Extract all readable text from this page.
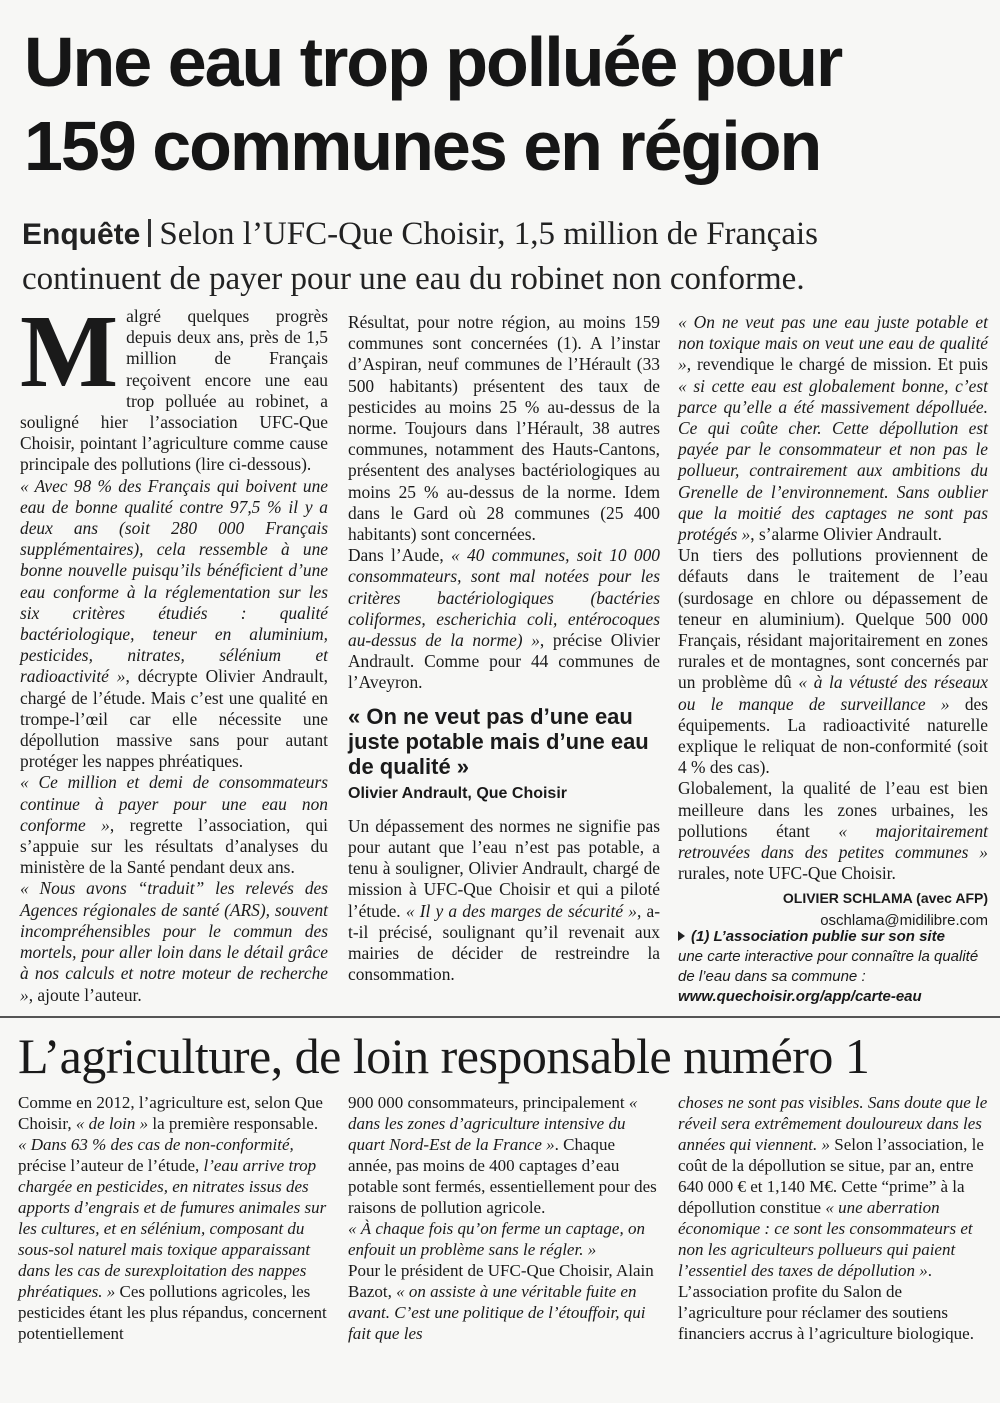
Une eau trop polluée pour
159 communes en région
Enquête Selon l’UFC-Que Choisir, 1,5 million de Français
continuent de payer pour une eau du robinet non conforme.

Malgré quelques progrès depuis deux ans, près de 1,5 million de Français reçoivent encore une eau trop polluée au robinet, a souligné hier l’association UFC-Que Choisir, pointant l’agriculture comme cause principale des pollutions (lire ci-dessous).

« Avec 98 % des Français qui boivent une eau de bonne qualité contre 97,5 % il y a deux ans (soit 280 000 Français supplémentaires), cela ressemble à une bonne nouvelle puisqu’ils bénéficient d’une eau conforme à la réglementation sur les six critères étudiés : qualité bactériologique, teneur en aluminium, pesticides, nitrates, sélénium et radioactivité », décrypte Olivier Andrault, chargé de l’étude. Mais c’est une qualité en trompe-l’œil car elle nécessite une dépollution massive sans pour autant protéger les nappes phréatiques.

« Ce million et demi de consommateurs continue à payer pour une eau non conforme », regrette l’association, qui s’appuie sur les résultats d’analyses du ministère de la Santé pendant deux ans.

« Nous avons “traduit” les relevés des Agences régionales de santé (ARS), souvent incompréhensibles pour le commun des mortels, pour aller loin dans le détail grâce à nos calculs et notre moteur de recherche », ajoute l’auteur.

Résultat, pour notre région, au moins 159 communes sont concernées (1). A l’instar d’Aspiran, neuf communes de l’Hérault (33 500 habitants) présentent des taux de pesticides au moins 25 % au-dessus de la norme. Toujours dans l’Hérault, 38 autres communes, notamment des Hauts-Cantons, présentent des analyses bactériologiques au moins 25 % au-dessus de la norme. Idem dans le Gard où 28 communes (25 400 habitants) sont concernées.

Dans l’Aude, « 40 communes, soit 10 000 consommateurs, sont mal notées pour les critères bactériologiques (bactéries coliformes, escherichia coli, entérocoques au-dessus de la norme) », précise Olivier Andrault. Comme pour 44 communes de l’Aveyron.

« On ne veut pas d’une eau juste potable mais d’une eau de qualité »
Olivier Andrault, Que Choisir

Un dépassement des normes ne signifie pas pour autant que l’eau n’est pas potable, a tenu à souligner, Olivier Andrault, chargé de mission à UFC-Que Choisir et qui a piloté l’étude. « Il y a des marges de sécurité », a-t-il précisé, soulignant qu’il revenait aux mairies de décider de restreindre la consommation.

« On ne veut pas une eau juste potable et non toxique mais on veut une eau de qualité », revendique le chargé de mission. Et puis « si cette eau est globalement bonne, c’est parce qu’elle a été massivement dépolluée. Ce qui coûte cher. Cette dépollution est payée par le consommateur et non pas le pollueur, contrairement aux ambitions du Grenelle de l’environnement. Sans oublier que la moitié des captages ne sont pas protégés », s’alarme Olivier Andrault.

Un tiers des pollutions proviennent de défauts dans le traitement de l’eau (surdosage en chlore ou dépassement de teneur en aluminium). Quelque 500 000 Français, résidant majoritairement en zones rurales et de montagnes, sont concernés par un problème dû « à la vétusté des réseaux ou le manque de surveillance » des équipements. La radioactivité naturelle explique le reliquat de non-conformité (soit 4 % des cas).

Globalement, la qualité de l’eau est bien meilleure dans les zones urbaines, les pollutions étant « majoritairement retrouvées dans des petites communes » rurales, note UFC-Que Choisir.

OLIVIER SCHLAMA (avec AFP)
oschlama@midilibre.com
(1) L’association publie sur son site
une carte interactive pour connaître la qualité de l’eau dans sa commune :
www.quechoisir.org/app/carte-eau
L’agriculture, de loin responsable numéro 1
Comme en 2012, l’agriculture est, selon Que Choisir, « de loin » la première responsable. « Dans 63 % des cas de non-conformité, précise l’auteur de l’étude, l’eau arrive trop chargée en pesticides, en nitrates issus des apports d’engrais et de fumures animales sur les cultures, et en sélénium, composant du sous-sol naturel mais toxique apparaissant dans les cas de surexploitation des nappes phréatiques. » Ces pollutions agricoles, les pesticides étant les plus répandus, concernent potentiellement

900 000 consommateurs, principalement « dans les zones d’agriculture intensive du quart Nord-Est de la France ». Chaque année, pas moins de 400 captages d’eau potable sont fermés, essentiellement pour des raisons de pollution agricole.

« À chaque fois qu’on ferme un captage, on enfouit un problème sans le régler. »

Pour le président de UFC-Que Choisir, Alain Bazot, « on assiste à une véritable fuite en avant. C’est une politique de l’étouffoir, qui fait que les

choses ne sont pas visibles. Sans doute que le réveil sera extrêmement douloureux dans les années qui viennent. » Selon l’association, le coût de la dépollution se situe, par an, entre 640 000 € et 1,140 M€. Cette “prime” à la dépollution constitue « une aberration économique : ce sont les consommateurs et non les agriculteurs pollueurs qui paient l’essentiel des taxes de dépollution ». L’association profite du Salon de l’agriculture pour réclamer des soutiens financiers accrus à l’agriculture biologique.
